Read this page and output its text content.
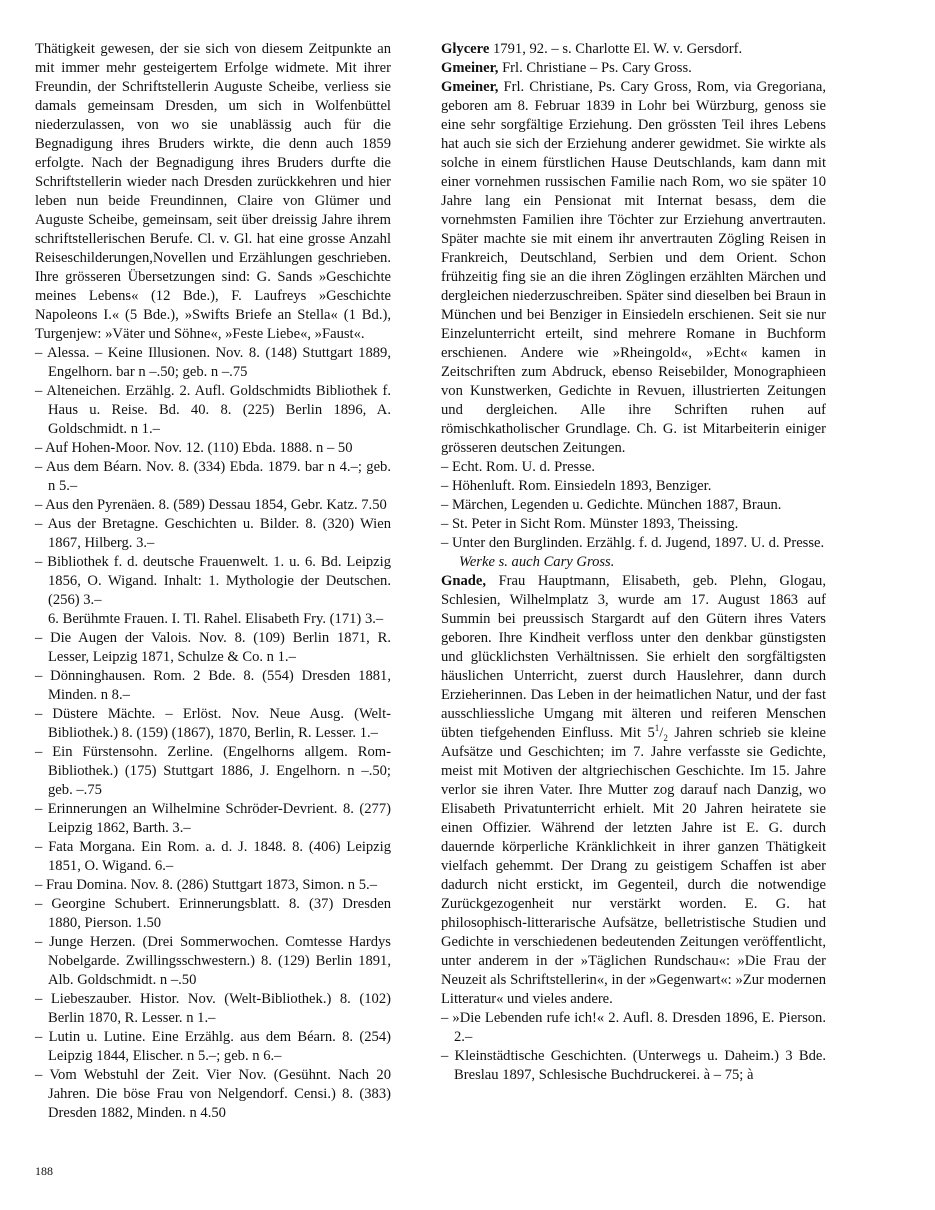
Thätigkeit gewesen, der sie sich von diesem Zeitpunkte an mit immer mehr gesteigertem Erfolge widmete. Mit ihrer Freundin, der Schriftstellerin Auguste Scheibe, verliess sie damals gemeinsam Dresden, um sich in Wolfenbüttel niederzulassen, von wo sie unablässig auch für die Begnadigung ihres Bruders wirkte, die denn auch 1859 erfolgte. Nach der Begnadigung ihres Bruders durfte die Schriftstellerin wieder nach Dresden zurückkehren und hier leben nun beide Freundinnen, Claire von Glümer und Auguste Scheibe, gemeinsam, seit über dreissig Jahre ihrem schriftstellerischen Berufe. Cl. v. Gl. hat eine grosse Anzahl Reiseschilderungen,Novellen und Erzählungen geschrieben. Ihre grösseren Übersetzungen sind: G. Sands »Geschichte meines Lebens« (12 Bde.), F. Laufreys »Geschichte Napoleons I.« (5 Bde.), »Swifts Briefe an Stella« (1 Bd.), Turgenjew: »Väter und Söhne«, »Feste Liebe«, »Faust«.

– Alessa. – Keine Illusionen. Nov. 8. (148) Stuttgart 1889, Engelhorn. bar n –.50; geb. n –.75

– Alteneichen. Erzählg. 2. Aufl. Goldschmidts Bibliothek f. Haus u. Reise. Bd. 40. 8. (225) Berlin 1896, A. Goldschmidt. n 1.–

– Auf Hohen-Moor. Nov. 12. (110) Ebda. 1888. n – 50

– Aus dem Béarn. Nov. 8. (334) Ebda. 1879. bar n 4.–; geb. n 5.–

– Aus den Pyrenäen. 8. (589) Dessau 1854, Gebr. Katz. 7.50

– Aus der Bretagne. Geschichten u. Bilder. 8. (320) Wien 1867, Hilberg. 3.–

– Bibliothek f. d. deutsche Frauenwelt. 1. u. 6. Bd. Leipzig 1856, O. Wigand. Inhalt: 1. Mythologie der Deutschen. (256) 3.–

6. Berühmte Frauen. I. Tl. Rahel. Elisabeth Fry. (171) 3.–

– Die Augen der Valois. Nov. 8. (109) Berlin 1871, R. Lesser, Leipzig 1871, Schulze & Co. n 1.–

– Dönninghausen. Rom. 2 Bde. 8. (554) Dresden 1881, Minden. n 8.–

– Düstere Mächte. – Erlöst. Nov. Neue Ausg. (Welt-Bibliothek.) 8. (159) (1867), 1870, Berlin, R. Lesser. 1.–

– Ein Fürstensohn. Zerline. (Engelhorns allgem. Rom-Bibliothek.) (175) Stuttgart 1886, J. Engelhorn. n –.50; geb. –.75

– Erinnerungen an Wilhelmine Schröder-Devrient. 8. (277) Leipzig 1862, Barth. 3.–

– Fata Morgana. Ein Rom. a. d. J. 1848. 8. (406) Leipzig 1851, O. Wigand. 6.–

– Frau Domina. Nov. 8. (286) Stuttgart 1873, Simon. n 5.–

– Georgine Schubert. Erinnerungsblatt. 8. (37) Dresden 1880, Pierson. 1.50

– Junge Herzen. (Drei Sommerwochen. Comtesse Hardys Nobelgarde. Zwillingsschwestern.) 8. (129) Berlin 1891, Alb. Goldschmidt. n –.50

– Liebeszauber. Histor. Nov. (Welt-Bibliothek.) 8. (102) Berlin 1870, R. Lesser. n 1.–

– Lutin u. Lutine. Eine Erzählg. aus dem Béarn. 8. (254) Leipzig 1844, Elischer. n 5.–; geb. n 6.–

– Vom Webstuhl der Zeit. Vier Nov. (Gesühnt. Nach 20 Jahren. Die böse Frau von Nelgendorf. Censi.) 8. (383) Dresden 1882, Minden. n 4.50

Glycere 1791, 92. – s. Charlotte El. W. v. Gersdorf.

Gmeiner, Frl. Christiane – Ps. Cary Gross.

Gmeiner, Frl. Christiane, Ps. Cary Gross, Rom, via Gregoriana, geboren am 8. Februar 1839 in Lohr bei Würzburg, genoss sie eine sehr sorgfältige Erziehung. Den grössten Teil ihres Lebens hat auch sie sich der Erziehung anderer gewidmet. Sie wirkte als solche in einem fürstlichen Hause Deutschlands, kam dann mit einer vornehmen russischen Familie nach Rom, wo sie später 10 Jahre lang ein Pensionat mit Internat besass, dem die vornehmsten Familien ihre Töchter zur Erziehung anvertrauten. Später machte sie mit einem ihr anvertrauten Zögling Reisen in Frankreich, Deutschland, Serbien und dem Orient. Schon frühzeitig fing sie an die ihren Zöglingen erzählten Märchen und dergleichen niederzuschreiben. Später sind dieselben bei Braun in München und bei Benziger in Einsiedeln erschienen. Seit sie nur Einzelunterricht erteilt, sind mehrere Romane in Buchform erschienen. Andere wie »Rheingold«, »Echt« kamen in Zeitschriften zum Abdruck, ebenso Reisebilder, Monographieen von Kunstwerken, Gedichte in Revuen, illustrierten Zeitungen und dergleichen. Alle ihre Schriften ruhen auf römischkatholischer Grundlage. Ch. G. ist Mitarbeiterin einiger grösseren deutschen Zeitungen.

– Echt. Rom. U. d. Presse.

– Höhenluft. Rom. Einsiedeln 1893, Benziger.

– Märchen, Legenden u. Gedichte. München 1887, Braun.

– St. Peter in Sicht Rom. Münster 1893, Theissing.

– Unter den Burglinden. Erzählg. f. d. Jugend, 1897. U. d. Presse.

Werke s. auch Cary Gross.

Gnade, Frau Hauptmann, Elisabeth, geb. Plehn, Glogau, Schlesien, Wilhelmplatz 3, wurde am 17. August 1863 auf Summin bei preussisch Stargardt auf den Gütern ihres Vaters geboren. Ihre Kindheit verfloss unter den denkbar günstigsten und glücklichsten Verhältnissen. Sie erhielt den sorgfältigsten häuslichen Unterricht, zuerst durch Hauslehrer, dann durch Erzieherinnen. Das Leben in der heimatlichen Natur, und der fast ausschliessliche Umgang mit älteren und reiferen Menschen übten tiefgehenden Einfluss. Mit $5^1/_2$ Jahren schrieb sie kleine Aufsätze und Geschichten; im 7. Jahre verfasste sie Gedichte, meist mit Motiven der altgriechischen Geschichte. Im 15. Jahre verlor sie ihren Vater. Ihre Mutter zog darauf nach Danzig, wo Elisabeth Privatunterricht erhielt. Mit 20 Jahren heiratete sie einen Offizier. Während der letzten Jahre ist E. G. durch dauernde körperliche Kränklichkeit in ihrer ganzen Thätigkeit vielfach gehemmt. Der Drang zu geistigem Schaffen ist aber dadurch nicht erstickt, im Gegenteil, durch die notwendige Zurückgezogenheit nur verstärkt worden. E. G. hat philosophisch-litterarische Aufsätze, belletristische Studien und Gedichte in verschiedenen bedeutenden Zeitungen veröffentlicht, unter anderem in der »Täglichen Rundschau«: »Die Frau der Neuzeit als Schriftstellerin«, in der »Gegenwart«: »Zur modernen Litteratur« und vieles andere.

– »Die Lebenden rufe ich!« 2. Aufl. 8. Dresden 1896, E. Pierson. 2.–

– Kleinstädtische Geschichten. (Unterwegs u. Daheim.) 3 Bde. Breslau 1897, Schlesische Buchdruckerei. à – 75; à

188
